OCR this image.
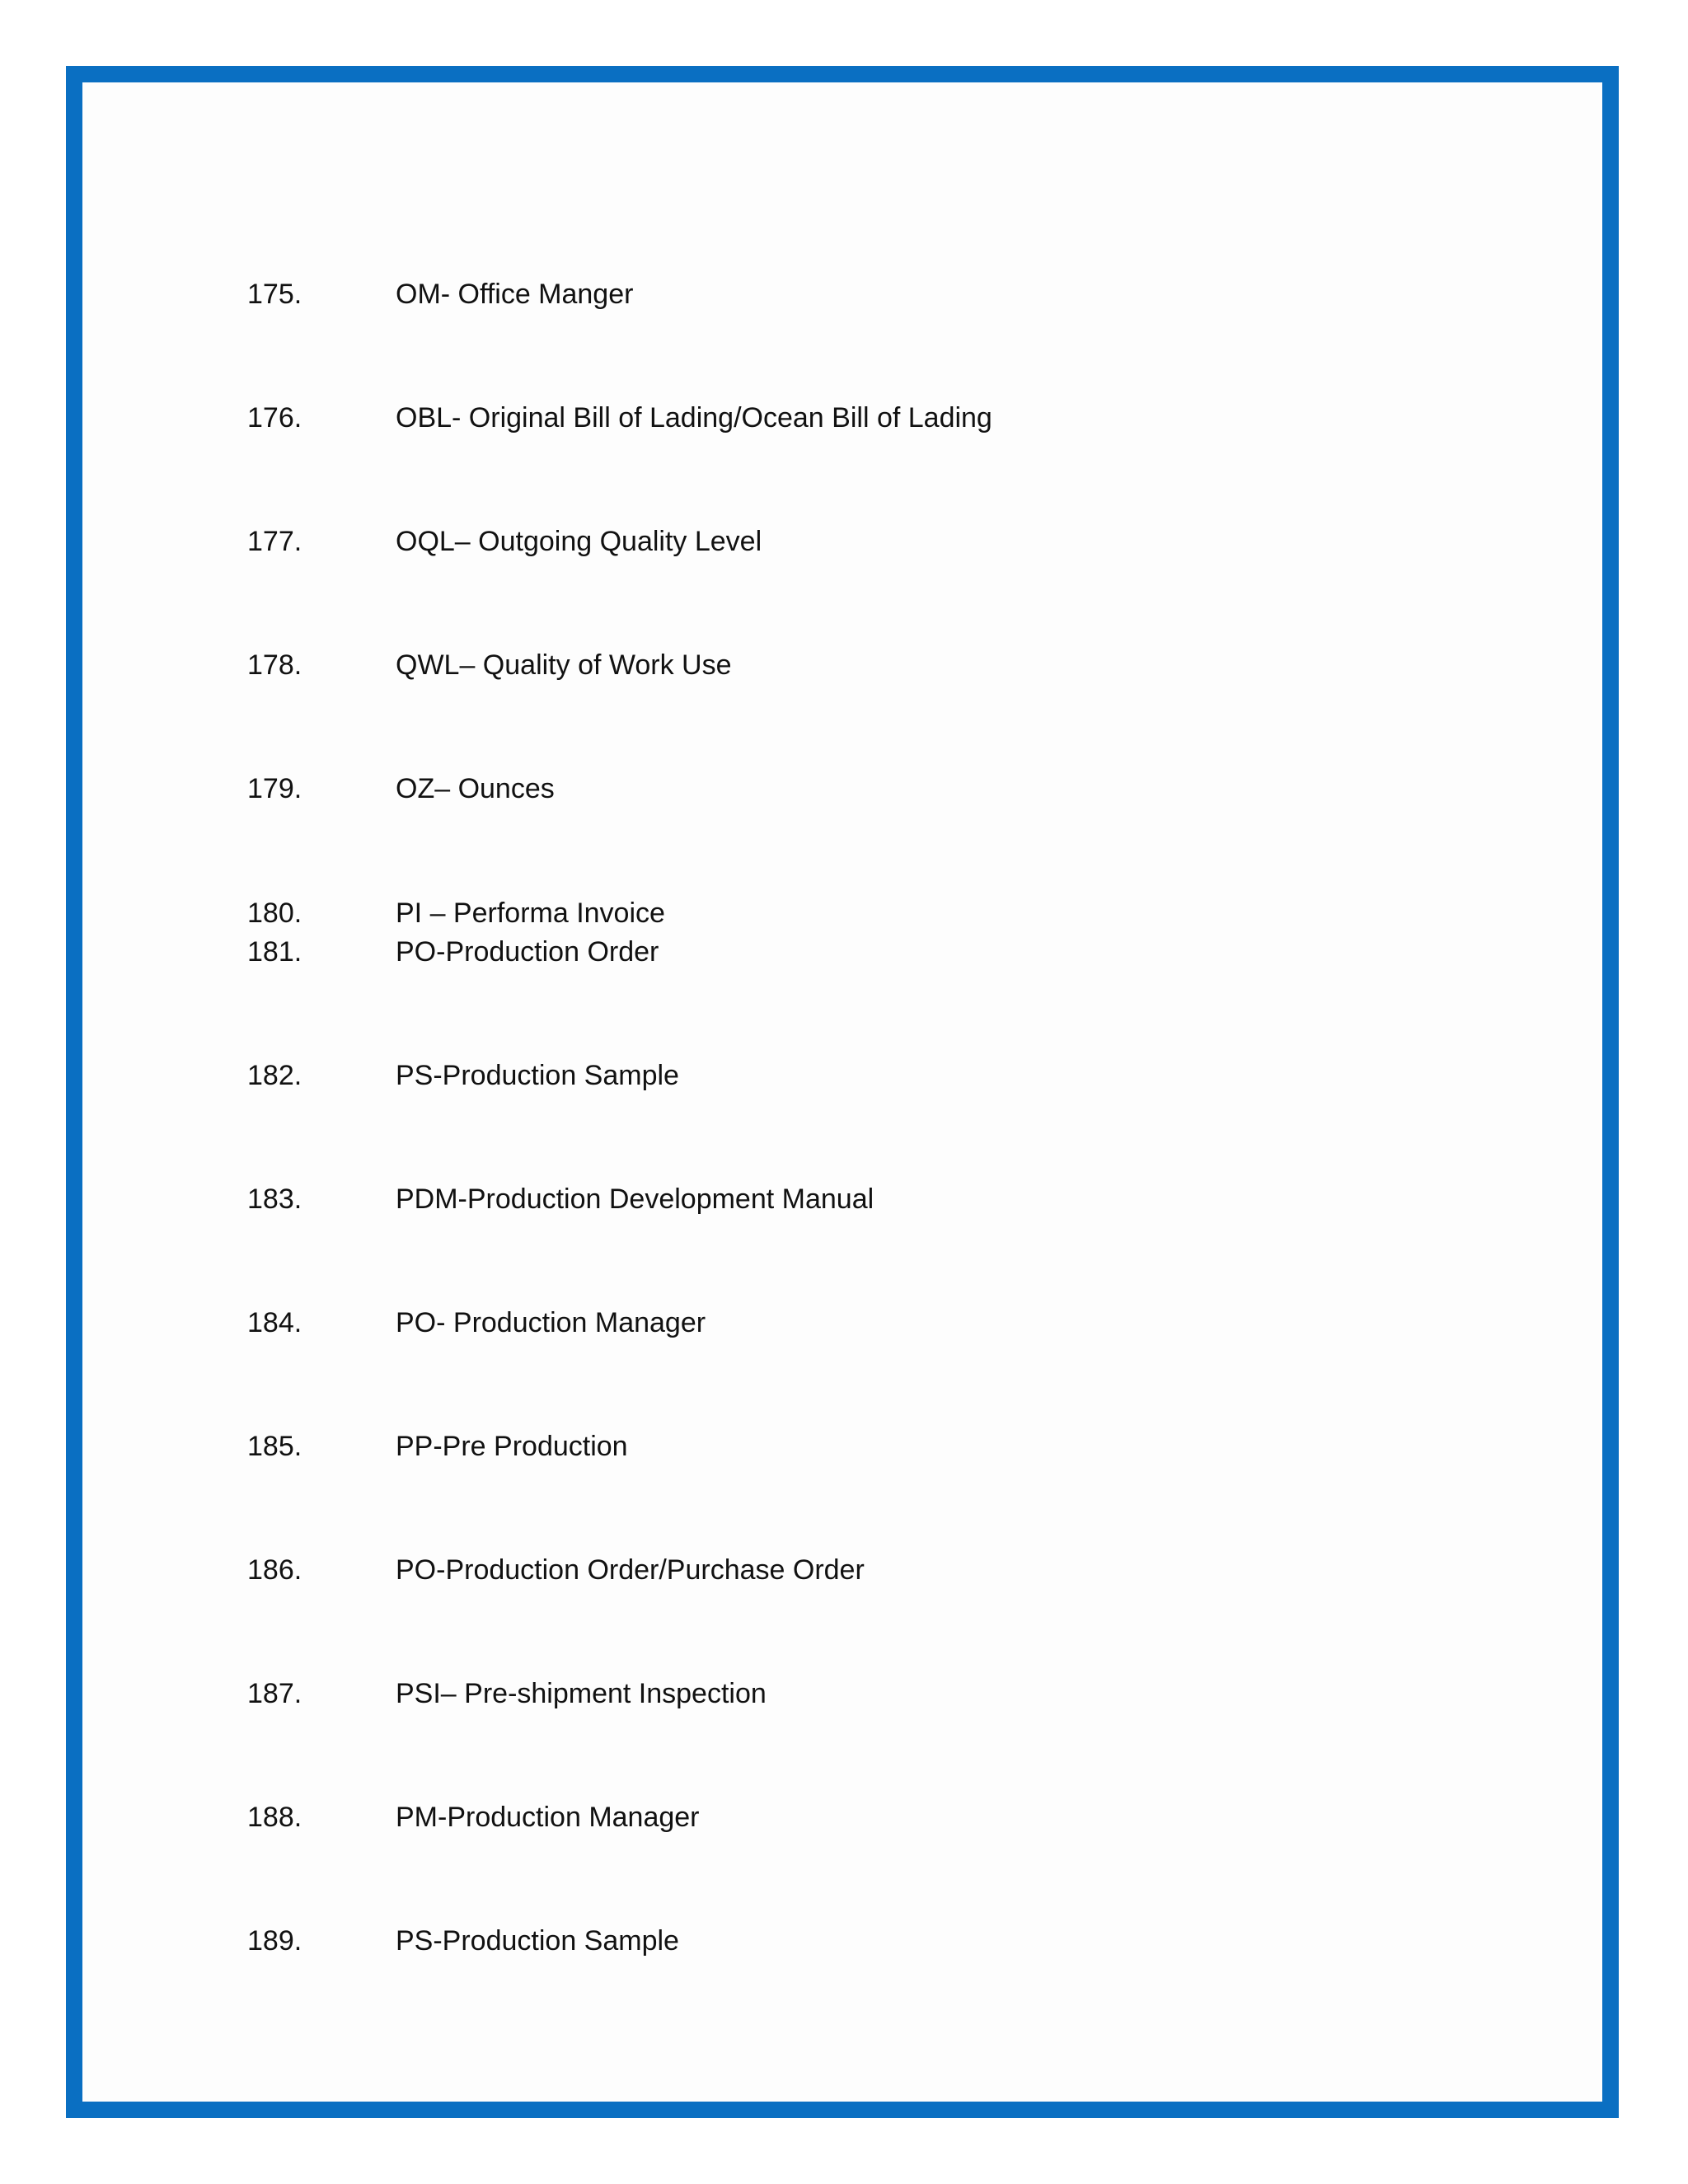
175.	OM- Office Manger
176.	OBL- Original Bill of Lading/Ocean Bill of Lading
177.	OQL– Outgoing Quality Level
178.	QWL– Quality of Work Use
179.	OZ– Ounces
180.	PI – Performa Invoice
181.	PO-Production Order
182.	PS-Production Sample
183.	PDM-Production Development Manual
184.	PO- Production Manager
185.	PP-Pre Production
186.	PO-Production Order/Purchase Order
187.	PSI– Pre-shipment Inspection
188.	PM-Production Manager
189.	PS-Production Sample
